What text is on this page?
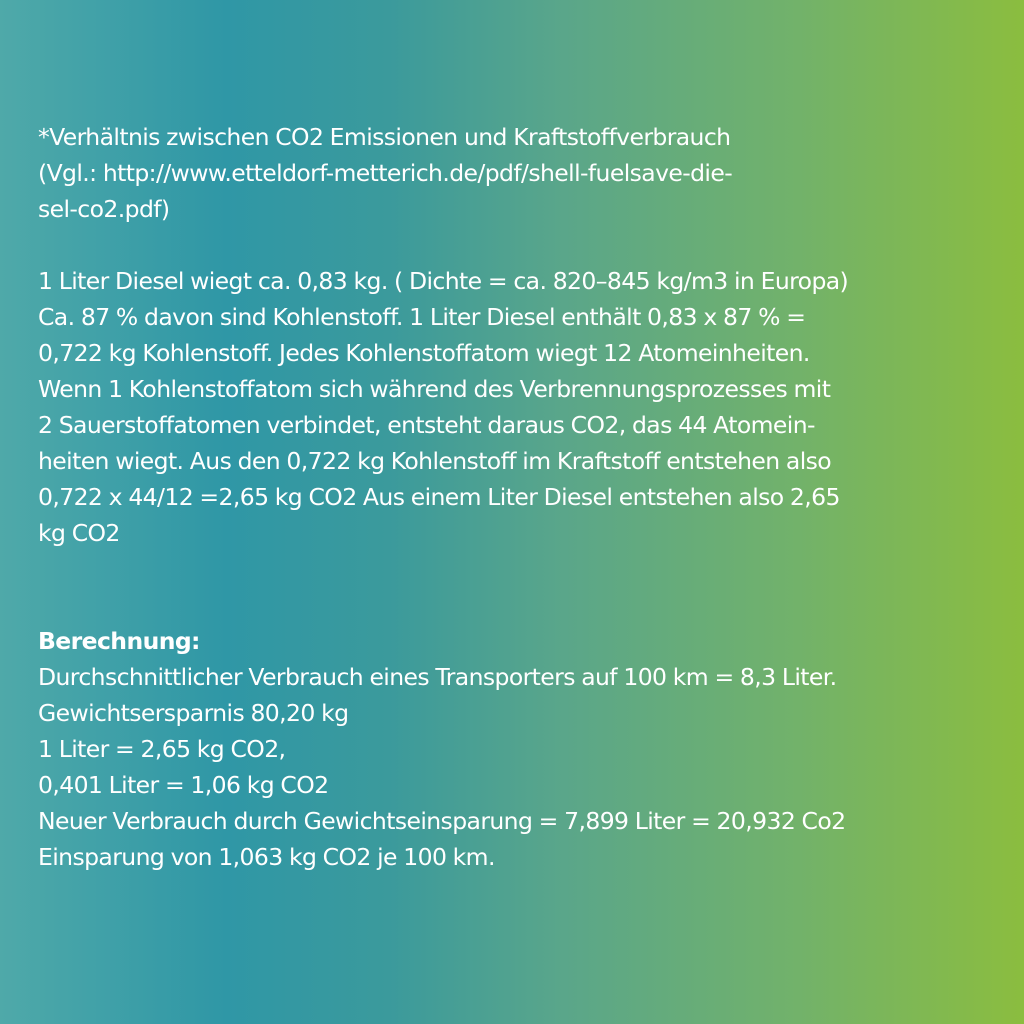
*Verhältnis zwischen CO2 Emissionen und Kraftstoffverbrauch

(Vgl.: http://www.etteldorf-metterich.de/pdf/shell-fuelsave-die-

sel-co2.pdf)

1 Liter Diesel wiegt ca. 0,83 kg. ( Dichte = ca. 820–845 kg/m3 in Europa)

Ca. 87 % davon sind Kohlenstoff. 1 Liter Diesel enthält 0,83 x 87 % =

0,722 kg Kohlenstoff. Jedes Kohlenstoffatom wiegt 12 Atomeinheiten.

Wenn 1 Kohlenstoffatom sich während des Verbrennungsprozesses mit

2 Sauerstoffatomen verbindet, entsteht daraus CO2, das 44 Atomein-

heiten wiegt. Aus den 0,722 kg Kohlenstoff im Kraftstoff entstehen also

0,722 x 44/12 =2,65 kg CO2 Aus einem Liter Diesel entstehen also 2,65

kg CO2

Berechnung:

Durchschnittlicher Verbrauch eines Transporters auf 100 km = 8,3 Liter.

Gewichtsersparnis 80,20 kg

1 Liter = 2,65 kg CO2,

0,401 Liter = 1,06 kg CO2

Neuer Verbrauch durch Gewichtseinsparung = 7,899 Liter = 20,932 Co2

Einsparung von 1,063 kg CO2 je 100 km.
